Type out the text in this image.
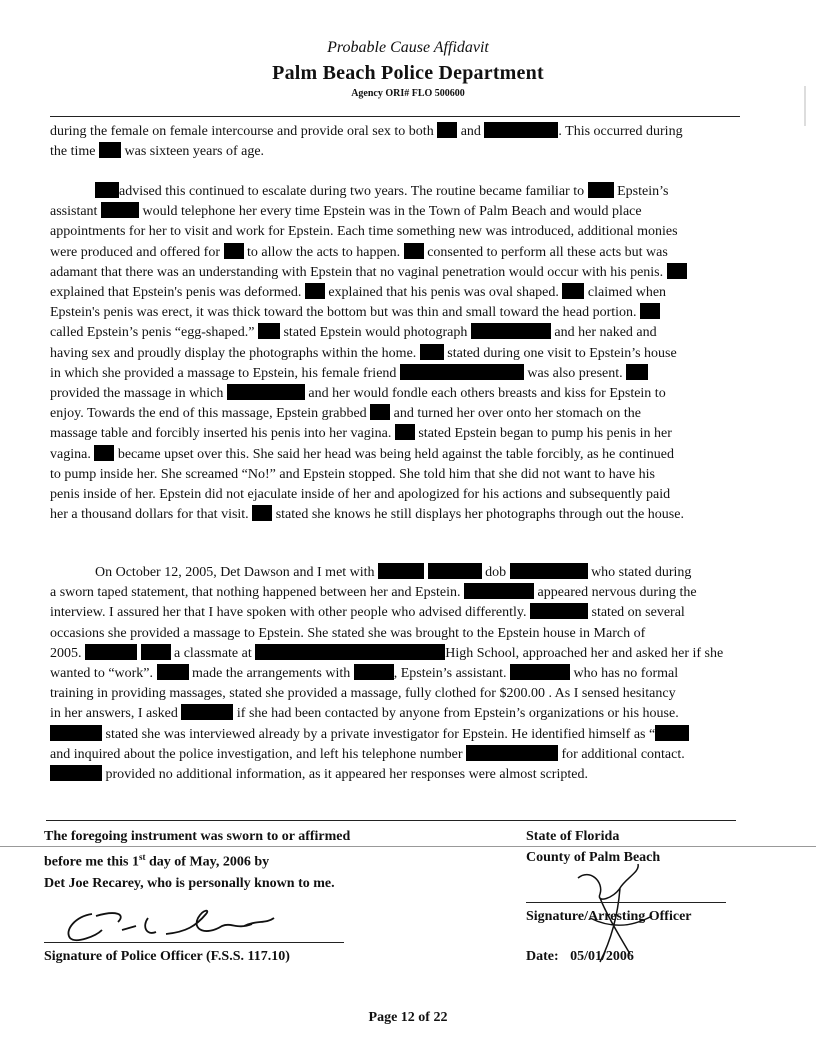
Probable Cause Affidavit
Palm Beach Police Department
Agency ORI# FLO 500600

during the female on female intercourse and provide oral sex to both  and	. This occurred during

the time  was sixteen years of age.

advised this continued to escalate during two years. The routine became familiar to  Epstein’s

assistant	would telephone her every time Epstein was in the Town of Palm Beach and would place

appointments for her to visit and work for Epstein. Each time something new was introduced, additional monies

were produced and offered for  to allow the acts to happen.  consented to perform all these acts but was

adamant that there was an understanding with Epstein that no vaginal penetration would occur with his penis.

explained that Epstein's penis was deformed.  explained that his penis was oval shaped.  claimed when

Epstein's penis was erect, it was thick toward the bottom but was thin and small toward the head portion.

called Epstein’s penis “egg-shaped.”  stated Epstein would photograph	and her naked and

having sex and proudly display the photographs within the home.  stated during one visit to Epstein’s house

in which she provided a massage to Epstein, his female friend	was also present.

provided the massage in which	and her would fondle each others breasts and kiss for Epstein to

enjoy. Towards the end of this massage, Epstein grabbed  and turned her over onto her stomach on the

massage table and forcibly inserted his penis into her vagina.  stated Epstein began to pump his penis in her

vagina.  became upset over this. She said her head was being held against the table forcibly, as he continued

to pump inside her. She screamed “No!” and Epstein stopped. She told him that she did not want to have his

penis inside of her. Epstein did not ejaculate inside of her and apologized for his actions and subsequently paid

her a thousand dollars for that visit.  stated she knows he still displays her photographs through out the house.

On October 12, 2005, Det Dawson and I met with	dob	who stated during

a sworn taped statement, that nothing happened between her and Epstein.	appeared nervous during the

interview. I assured her that I have spoken with other people who advised differently.	stated on several

occasions she provided a massage to Epstein. She stated she was brought to the Epstein house in March of

2005.	a classmate at	High School, approached her and asked her if she

wanted to “work”.	made the arrangements with	, Epstein’s assistant.	who has no formal

training in providing massages, stated she provided a massage, fully clothed for $200.00 . As I sensed hesitancy

in her answers, I asked	if she had been contacted by anyone from Epstein’s organizations or his house.

stated she was interviewed already by a private investigator for Epstein. He identified himself as “

and inquired about the police investigation, and left his telephone number	for additional contact.

provided no additional information, as it appeared her responses were almost scripted.

The foregoing instrument was sworn to or affirmed
before me this 1st day of May, 2006 by
Det Joe Recarey, who is personally known to me.
State of Florida
County of Palm Beach
Signature of Police Officer (F.S.S. 117.10)
Signature/Arresting Officer
Date: 05/01/2006
Page 12 of 22
